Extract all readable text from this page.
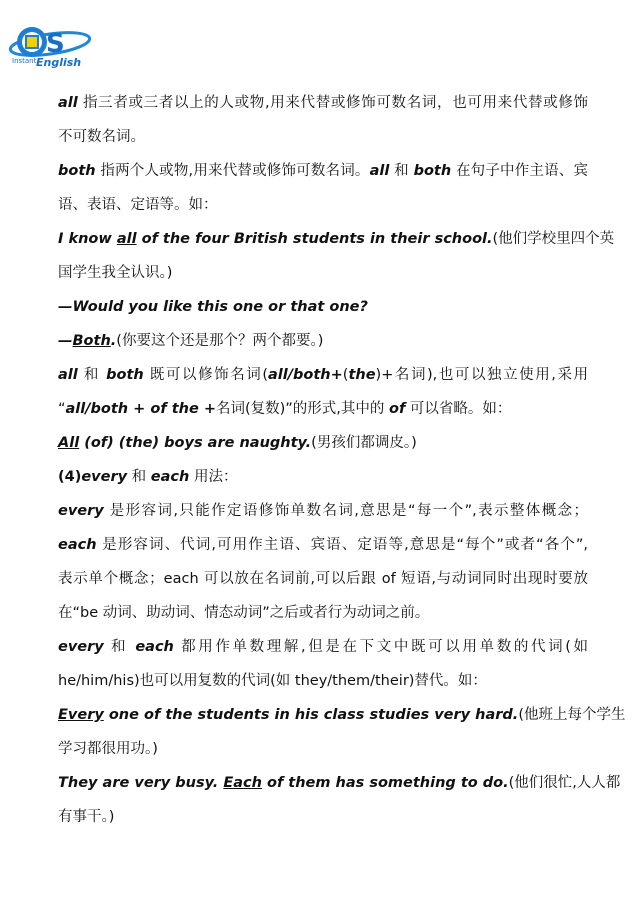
S
Instant English
all 指三者或三者以上的人或物,用来代替或修饰可数名词，也可用来代替或修饰
不可数名词。
both 指两个人或物,用来代替或修饰可数名词。all 和 both 在句子中作主语、宾
语、表语、定语等。如：
I know all of the four British students in their school.(他们学校里四个英
国学生我全认识。)
—Would you like this one or that one?
—Both.(你要这个还是那个？两个都要。)
all 和 both 既可以修饰名词(all/both+(the)+名词),也可以独立使用,采用
“all/both + of the +名词(复数)”的形式,其中的 of 可以省略。如：
All (of) (the) boys are naughty.(男孩们都调皮。)
(4)every 和 each 用法：
every 是形容词,只能作定语修饰单数名词,意思是“每一个”,表示整体概念；
each 是形容词、代词,可用作主语、宾语、定语等,意思是“每个”或者“各个”,
表示单个概念；each 可以放在名词前,可以后跟 of 短语,与动词同时出现时要放
在“be 动词、助动词、情态动词”之后或者行为动词之前。
every 和 each 都用作单数理解,但是在下文中既可以用单数的代词(如
he/him/his)也可以用复数的代词(如 they/them/their)替代。如：
Every one of the students in his class studies very hard.(他班上每个学生
学习都很用功。)
They are very busy. Each of them has something to do.(他们很忙,人人都
有事干。)
